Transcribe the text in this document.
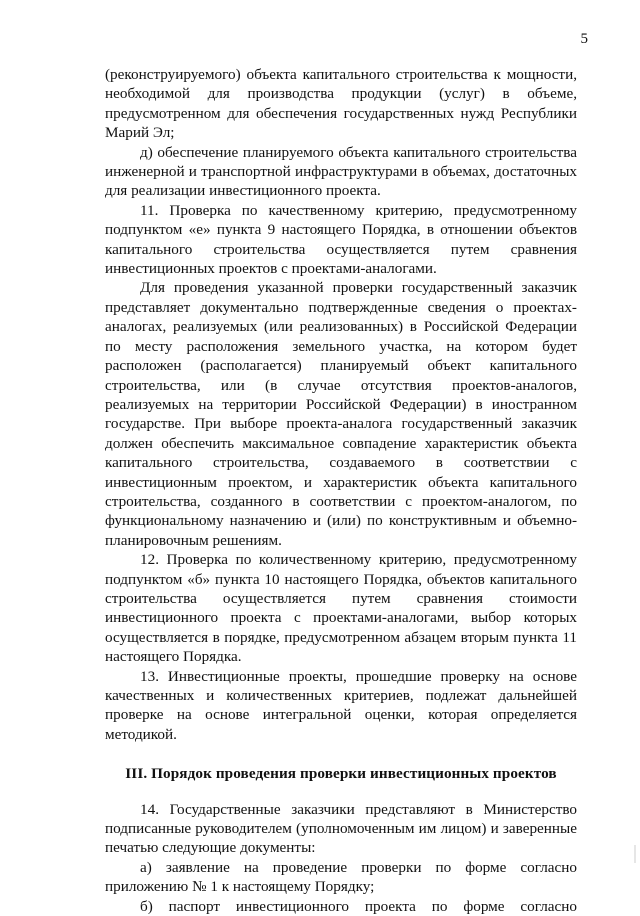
5

(реконструируемого) объекта капитального строительства к мощности, необходимой для производства продукции (услуг) в объеме, предусмотренном для обеспечения государственных нужд Республики Марий Эл;

д) обеспечение планируемого объекта капитального строительства инженерной и транспортной инфраструктурами в объемах, достаточных для реализации инвестиционного проекта.

11. Проверка по качественному критерию, предусмотренному подпунктом «е» пункта 9 настоящего Порядка, в отношении объектов капитального строительства осуществляется путем сравнения инвестиционных проектов с проектами-аналогами.

Для проведения указанной проверки государственный заказчик представляет документально подтвержденные сведения о проектах-аналогах, реализуемых (или реализованных) в Российской Федерации по месту расположения земельного участка, на котором будет расположен (располагается) планируемый объект капитального строительства, или (в случае отсутствия проектов-аналогов, реализуемых на территории Российской Федерации) в иностранном государстве. При выборе проекта-аналога государственный заказчик должен обеспечить максимальное совпадение характеристик объекта капитального строительства, создаваемого в соответствии с инвестиционным проектом, и характеристик объекта капитального строительства, созданного в соответствии с проектом-аналогом, по функциональному назначению и (или) по конструктивным и объемно-планировочным решениям.

12. Проверка по количественному критерию, предусмотренному подпунктом «б» пункта 10 настоящего Порядка, объектов капитального строительства осуществляется путем сравнения стоимости инвестиционного проекта с проектами-аналогами, выбор которых осуществляется в порядке, предусмотренном абзацем вторым пункта 11 настоящего Порядка.

13. Инвестиционные проекты, прошедшие проверку на основе качественных и количественных критериев, подлежат дальнейшей проверке на основе интегральной оценки, которая определяется методикой.

III. Порядок проведения проверки инвестиционных проектов

14. Государственные заказчики представляют в Министерство подписанные руководителем (уполномоченным им лицом) и заверенные печатью следующие документы:

а) заявление на проведение проверки по форме согласно приложению № 1 к настоящему Порядку;

б) паспорт инвестиционного проекта по форме согласно
